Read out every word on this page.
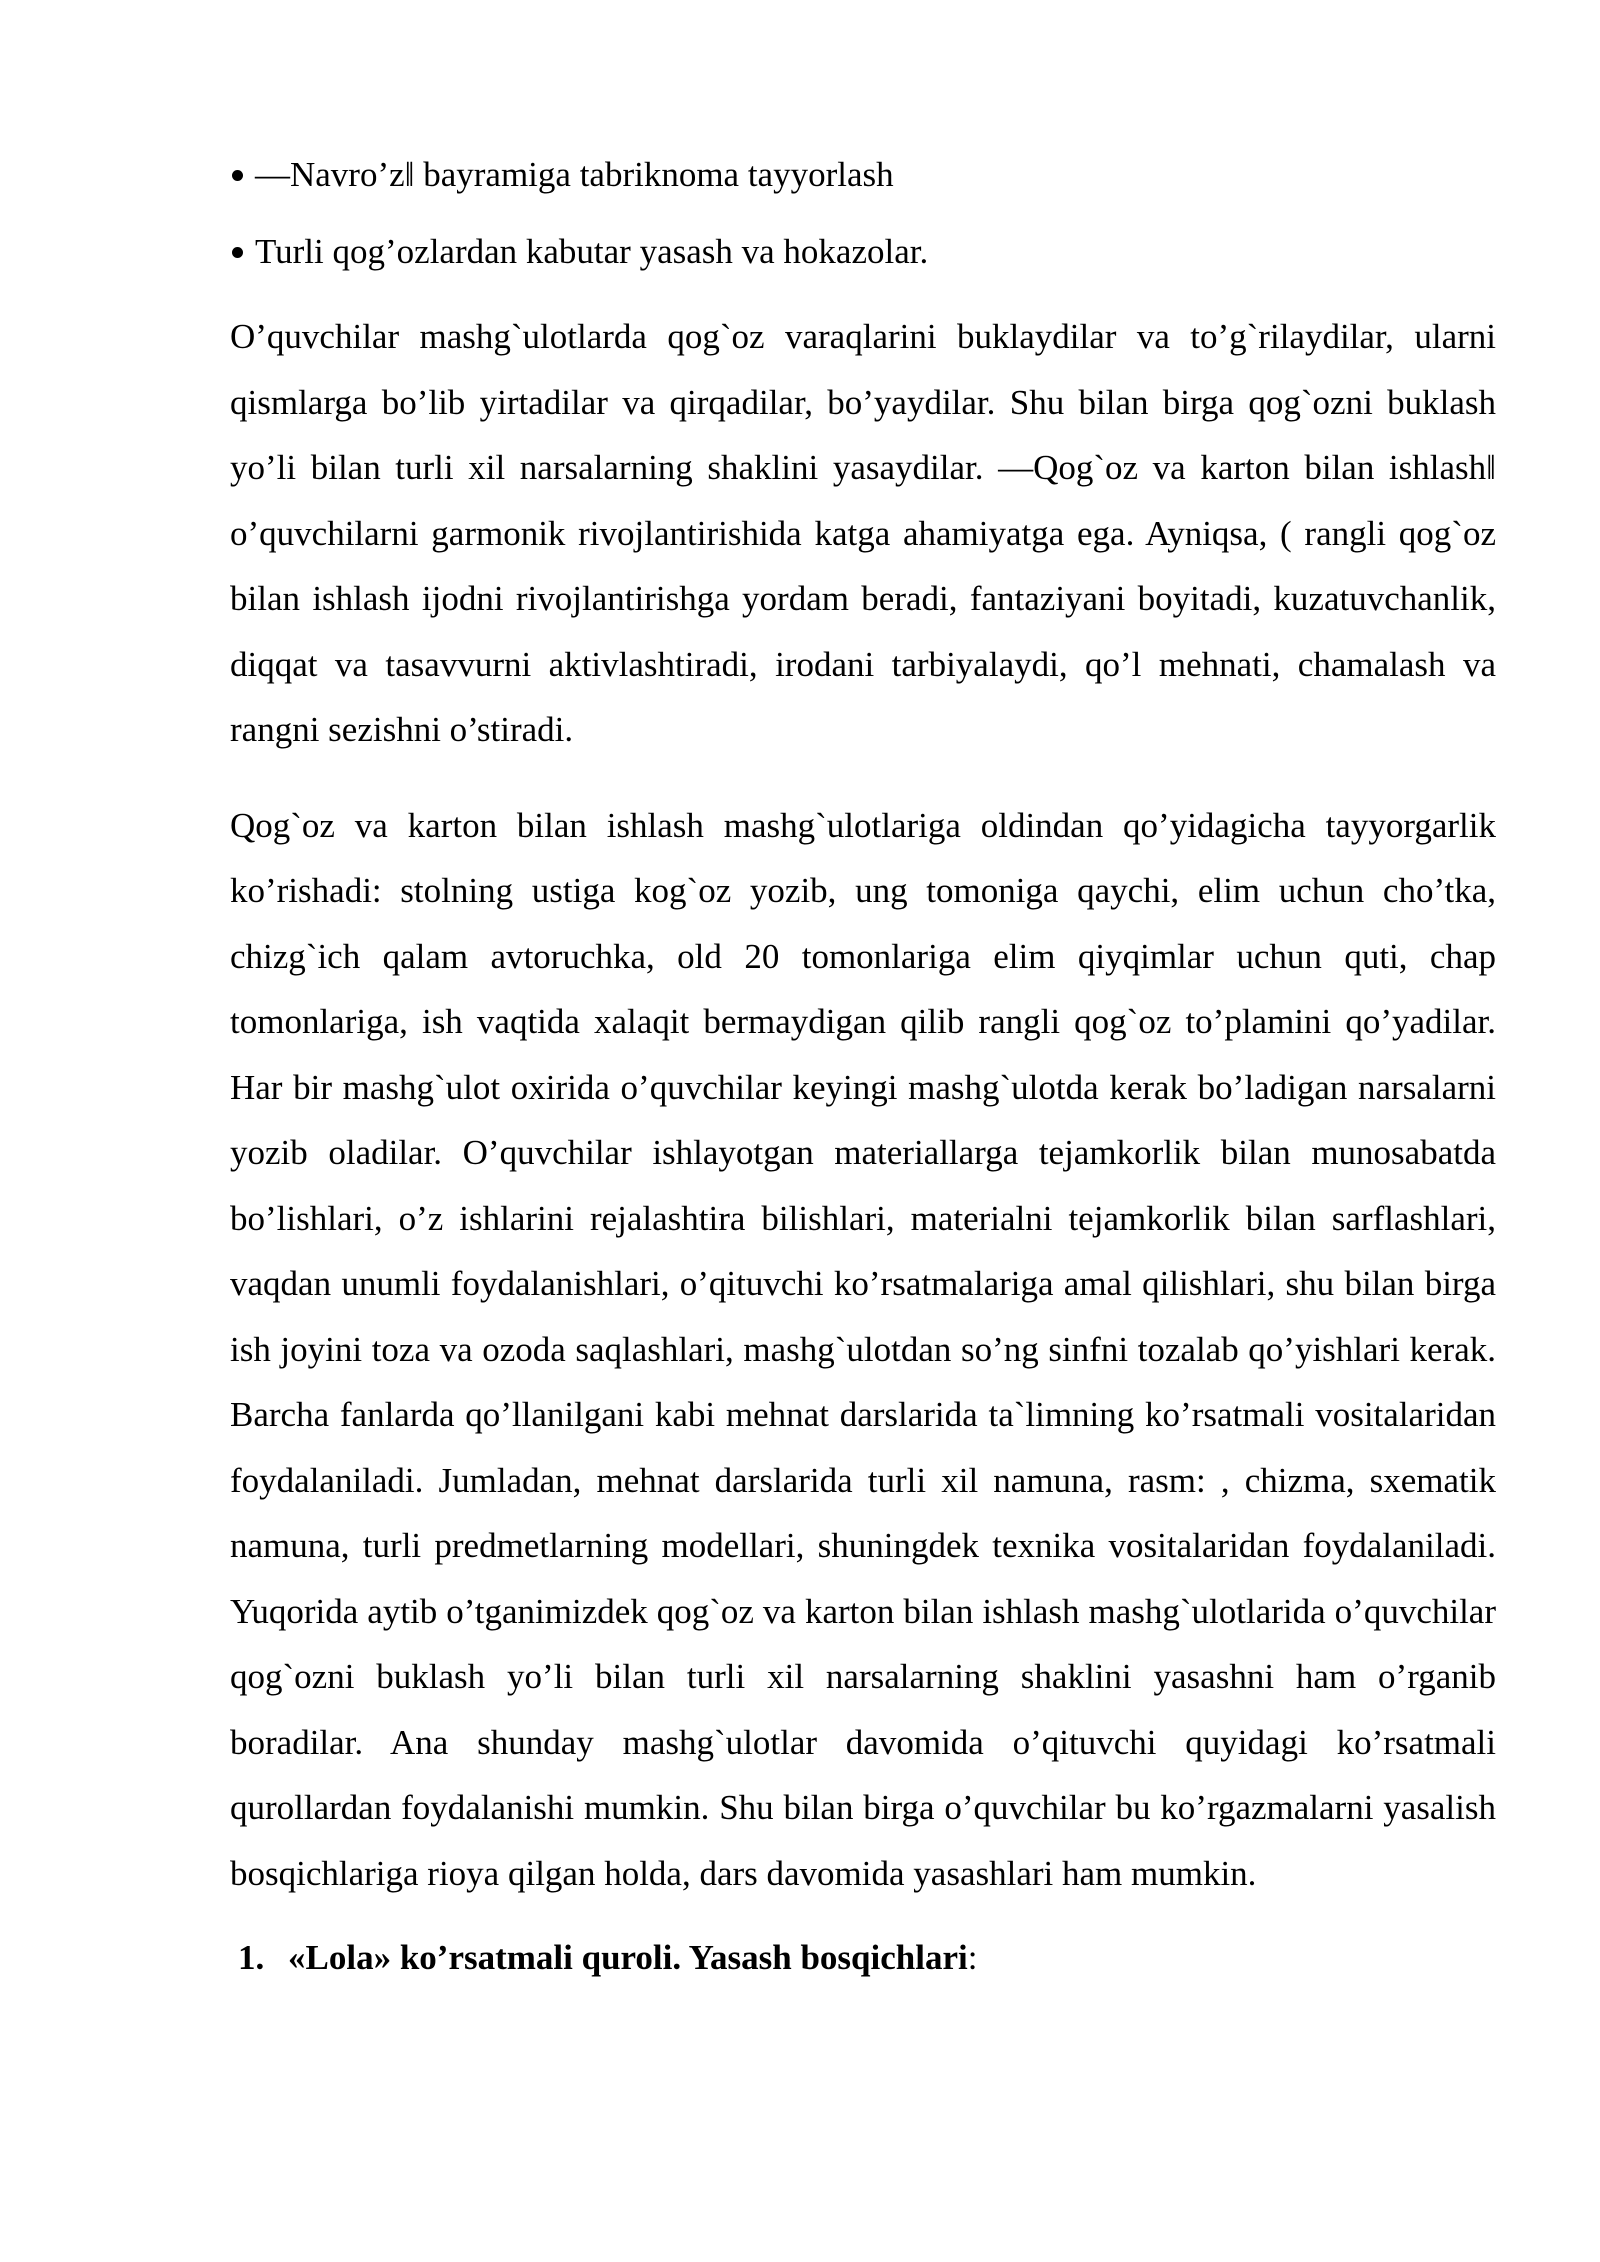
—Navro’z‖ bayramiga tabriknoma tayyorlash
Turli qog’ozlardan kabutar yasash va hokazolar.

O’quvchilar mashg`ulotlarda qog`oz varaqlarini buklaydilar va to’g`rilaydilar, ularni qismlarga bo’lib yirtadilar va qirqadilar, bo’yaydilar. Shu bilan birga qog`ozni buklash yo’li bilan turli xil narsalarning shaklini yasaydilar. —Qog`oz va karton bilan ishlash‖ o’quvchilarni garmonik rivojlantirishida katga ahamiyatga ega. Ayniqsa, ( rangli qog`oz bilan ishlash ijodni rivojlantirishga yordam beradi, fantaziyani boyitadi, kuzatuvchanlik, diqqat va tasavvurni aktivlashtiradi, irodani tarbiyalaydi, qo’l mehnati, chamalash va rangni sezishni o’stiradi.

Qog`oz va karton bilan ishlash mashg`ulotlariga oldindan qo’yidagicha tayyorgarlik ko’rishadi: stolning ustiga kog`oz yozib, ung tomoniga qaychi, elim uchun cho’tka, chizg`ich qalam avtoruchka, old 20 tomonlariga elim qiyqimlar uchun quti, chap tomonlariga, ish vaqtida xalaqit bermaydigan qilib rangli qog`oz to’plamini qo’yadilar. Har bir mashg`ulot oxirida o’quvchilar keyingi mashg`ulotda kerak bo’ladigan narsalarni yozib oladilar. O’quvchilar ishlayotgan materiallarga tejamkorlik bilan munosabatda bo’lishlari, o’z ishlarini rejalashtira bilishlari, materialni tejamkorlik bilan sarflashlari, vaqdan unumli foydalanishlari, o’qituvchi ko’rsatmalariga amal qilishlari, shu bilan birga ish joyini toza va ozoda saqlashlari, mashg`ulotdan so’ng sinfni tozalab qo’yishlari kerak. Barcha fanlarda qo’llanilgani kabi mehnat darslarida ta`limning ko’rsatmali vositalaridan foydalaniladi. Jumladan, mehnat darslarida turli xil namuna, rasm: , chizma, sxematik namuna, turli predmetlarning modellari, shuningdek texnika vositalaridan foydalaniladi. Yuqorida aytib o’tganimizdek qog`oz va karton bilan ishlash mashg`ulotlarida o’quvchilar qog`ozni buklash yo’li bilan turli xil narsalarning shaklini yasashni ham o’rganib boradilar. Ana shunday mashg`ulotlar davomida o’qituvchi quyidagi ko’rsatmali qurollardan foydalanishi mumkin. Shu bilan birga o’quvchilar bu ko’rgazmalarni yasalish bosqichlariga rioya qilgan holda, dars davomida yasashlari ham mumkin.

1. «Lola» ko’rsatmali quroli. Yasash bosqichlari:
